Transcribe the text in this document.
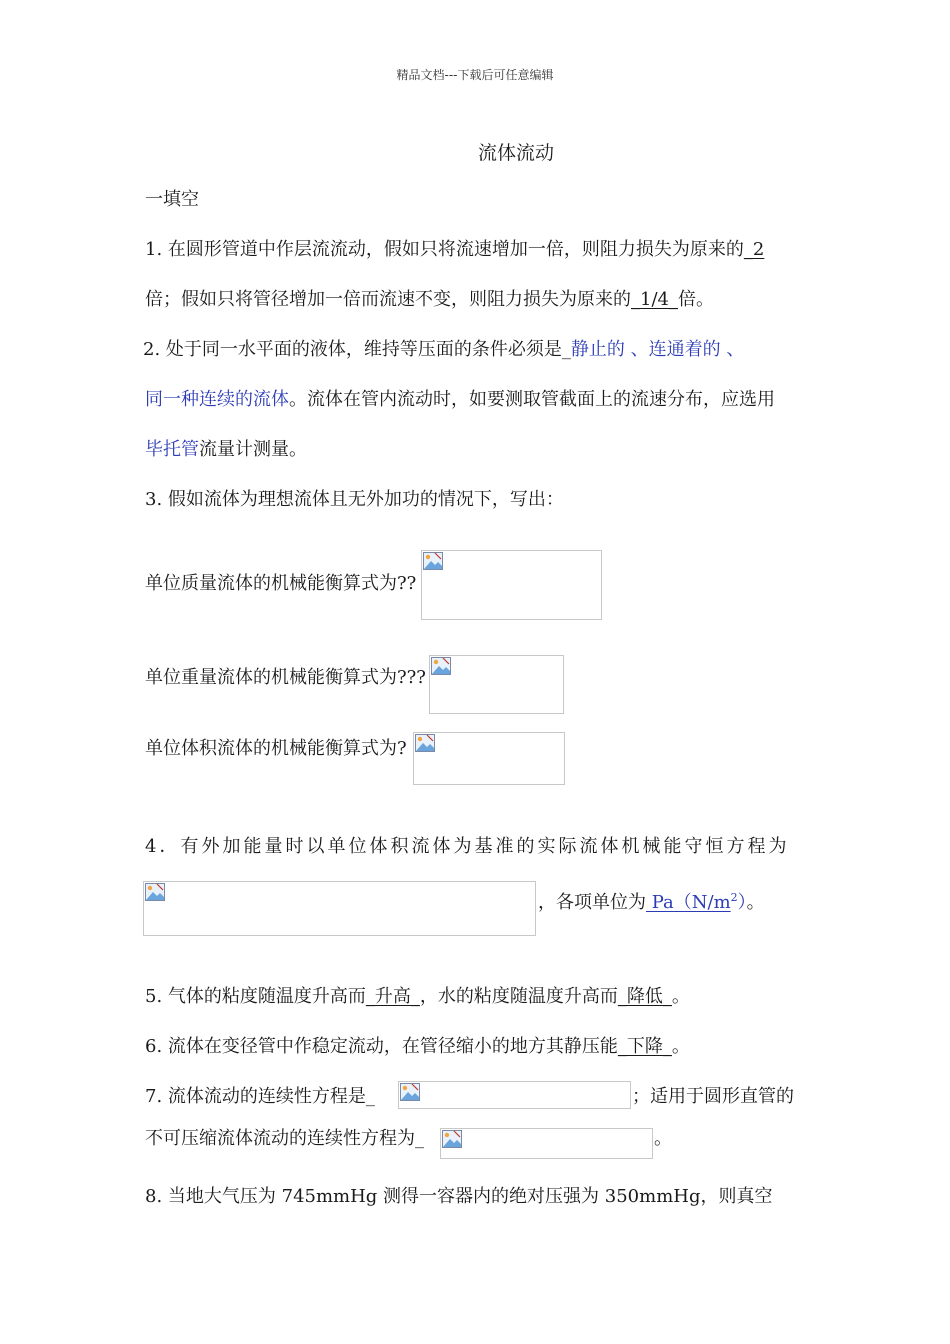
精品文档---下载后可任意编辑
流体流动
一填空
1. 在圆形管道中作层流流动，假如只将流速增加一倍，则阻力损失为原来的_2
倍；假如只将管径增加一倍而流速不变，则阻力损失为原来的_1/4_倍。
2. 处于同一水平面的液体，维持等压面的条件必须是_静止的 、连通着的 、
同一种连续的流体。流体在管内流动时，如要测取管截面上的流速分布，应选用
毕托管流量计测量。
3. 假如流体为理想流体且无外加功的情况下，写出：
单位质量流体的机械能衡算式为??
单位重量流体的机械能衡算式为???
单位体积流体的机械能衡算式为?
4．有外加能量时以单位体积流体为基准的实际流体机械能守恒方程为
，各项单位为 $Pa(N/m^2)$。
5. 气体的粘度随温度升高而_升高_，水的粘度随温度升高而_降低_。
6. 流体在变径管中作稳定流动，在管径缩小的地方其静压能_下降_。
7. 流体流动的连续性方程是_	；适用于圆形直管的
不可压缩流体流动的连续性方程为_	。
8. 当地大气压为 745mmHg 测得一容器内的绝对压强为 350mmHg，则真空
